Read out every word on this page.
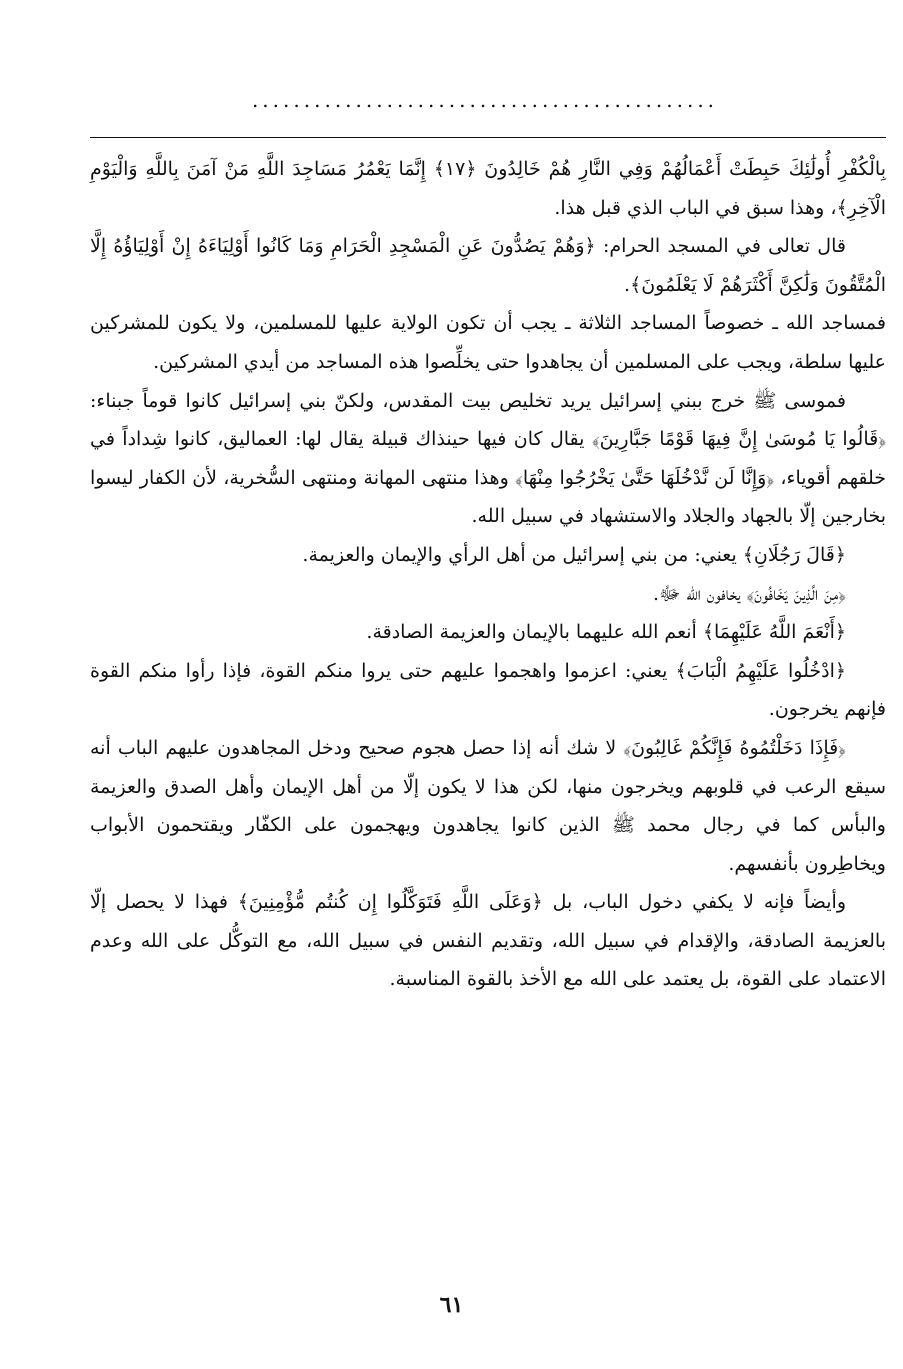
.............................................

بِالْكُفْرِ أُولَٰئِكَ حَبِطَتْ أَعْمَالُهُمْ وَفِي النَّارِ هُمْ خَالِدُونَ ﴿١٧﴾ إِنَّمَا يَعْمُرُ مَسَاجِدَ اللَّهِ مَنْ آمَنَ بِاللَّهِ وَالْيَوْمِ الْآخِرِ﴾، وهذا سبق في الباب الذي قبل هذا.

قال تعالى في المسجد الحرام: ﴿وَهُمْ يَصُدُّونَ عَنِ الْمَسْجِدِ الْحَرَامِ وَمَا كَانُوا أَوْلِيَاءَهُ إِنْ أَوْلِيَاؤُهُ إِلَّا الْمُتَّقُونَ وَلَٰكِنَّ أَكْثَرَهُمْ لَا يَعْلَمُونَ﴾.

فمساجد الله ـ خصوصاً المساجد الثلاثة ـ يجب أن تكون الولاية عليها للمسلمين، ولا يكون للمشركين عليها سلطة، ويجب على المسلمين أن يجاهدوا حتى يخلِّصوا هذه المساجد من أيدي المشركين.

فموسى ﷺ خرج ببني إسرائيل يريد تخليص بيت المقدس، ولكنّ بني إسرائيل كانوا قوماً جبناء: ﴿قَالُوا يَا مُوسَىٰ إِنَّ فِيهَا قَوْمًا جَبَّارِينَ﴾ يقال كان فيها حينذاك قبيلة يقال لها: العماليق، كانوا شِداداً في خلقهم أقوياء، ﴿وَإِنَّا لَن نَّدْخُلَهَا حَتَّىٰ يَخْرُجُوا مِنْهَا﴾ وهذا منتهى المهانة ومنتهى السُّخرية، لأن الكفار ليسوا بخارجين إلّا بالجهاد والجلاد والاستشهاد في سبيل الله.

﴿قَالَ رَجُلَانِ﴾ يعني: من بني إسرائيل من أهل الرأي والإيمان والعزيمة.

﴿مِنَ الَّذِينَ يَخَافُونَ﴾ يخافون الله ﷻ.

﴿أَنْعَمَ اللَّهُ عَلَيْهِمَا﴾ أنعم الله عليهما بالإيمان والعزيمة الصادقة.

﴿ادْخُلُوا عَلَيْهِمُ الْبَابَ﴾ يعني: اعزموا واهجموا عليهم حتى يروا منكم القوة، فإذا رأوا منكم القوة فإنهم يخرجون.

﴿فَإِذَا دَخَلْتُمُوهُ فَإِنَّكُمْ غَالِبُونَ﴾ لا شك أنه إذا حصل هجوم صحيح ودخل المجاهدون عليهم الباب أنه سيقع الرعب في قلوبهم ويخرجون منها، لكن هذا لا يكون إلّا من أهل الإيمان وأهل الصدق والعزيمة والبأس كما في رجال محمد ﷺ الذين كانوا يجاهدون ويهجمون على الكفّار ويقتحمون الأبواب ويخاطِرون بأنفسهم.

وأيضاً فإنه لا يكفي دخول الباب، بل ﴿وَعَلَى اللَّهِ فَتَوَكَّلُوا إِن كُنتُم مُّؤْمِنِينَ﴾ فهذا لا يحصل إلّا بالعزيمة الصادقة، والإقدام في سبيل الله، وتقديم النفس في سبيل الله، مع التوكُّل على الله وعدم الاعتماد على القوة، بل يعتمد على الله مع الأخذ بالقوة المناسبة.

٦١
